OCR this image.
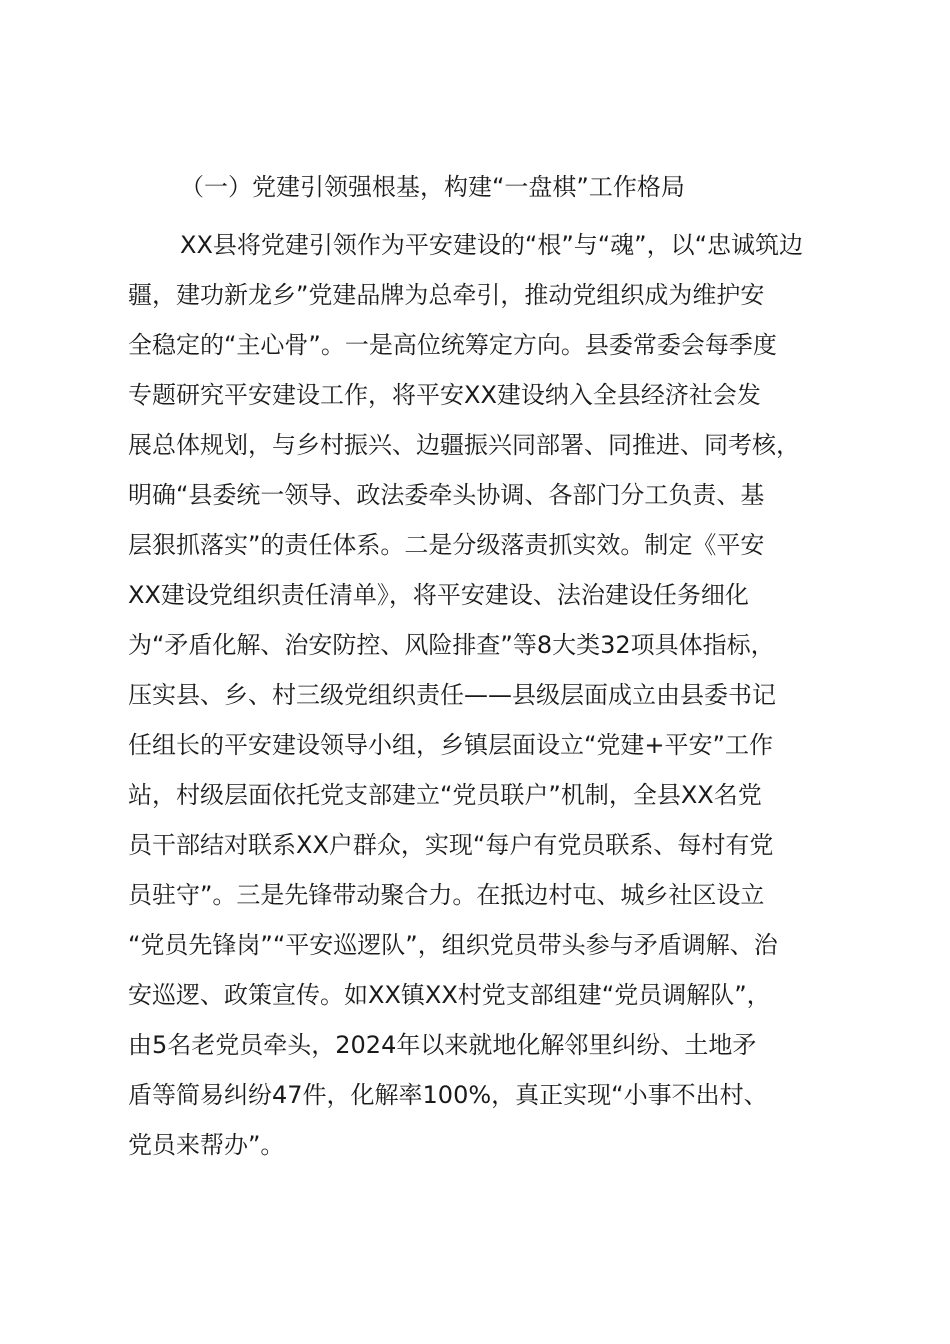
（一）党建引领强根基，构建“一盘棋”工作格局
XX县将党建引领作为平安建设的“根”与“魂”，以“忠诚筑边
疆，建功新龙乡”党建品牌为总牵引，推动党组织成为维护安
全稳定的“主心骨”。一是高位统筹定方向。县委常委会每季度
专题研究平安建设工作，将平安XX建设纳入全县经济社会发
展总体规划，与乡村振兴、边疆振兴同部署、同推进、同考核，
明确“县委统一领导、政法委牵头协调、各部门分工负责、基
层狠抓落实”的责任体系。二是分级落责抓实效。制定《平安
XX建设党组织责任清单》，将平安建设、法治建设任务细化
为“矛盾化解、治安防控、风险排查”等8大类32项具体指标，
压实县、乡、村三级党组织责任——县级层面成立由县委书记
任组长的平安建设领导小组，乡镇层面设立“党建+平安”工作
站，村级层面依托党支部建立“党员联户”机制，全县XX名党
员干部结对联系XX户群众，实现“每户有党员联系、每村有党
员驻守”。三是先锋带动聚合力。在抵边村屯、城乡社区设立
“党员先锋岗”“平安巡逻队”，组织党员带头参与矛盾调解、治
安巡逻、政策宣传。如XX镇XX村党支部组建“党员调解队”，
由5名老党员牵头，2024年以来就地化解邻里纠纷、土地矛
盾等简易纠纷47件，化解率100%，真正实现“小事不出村、
党员来帮办”。
